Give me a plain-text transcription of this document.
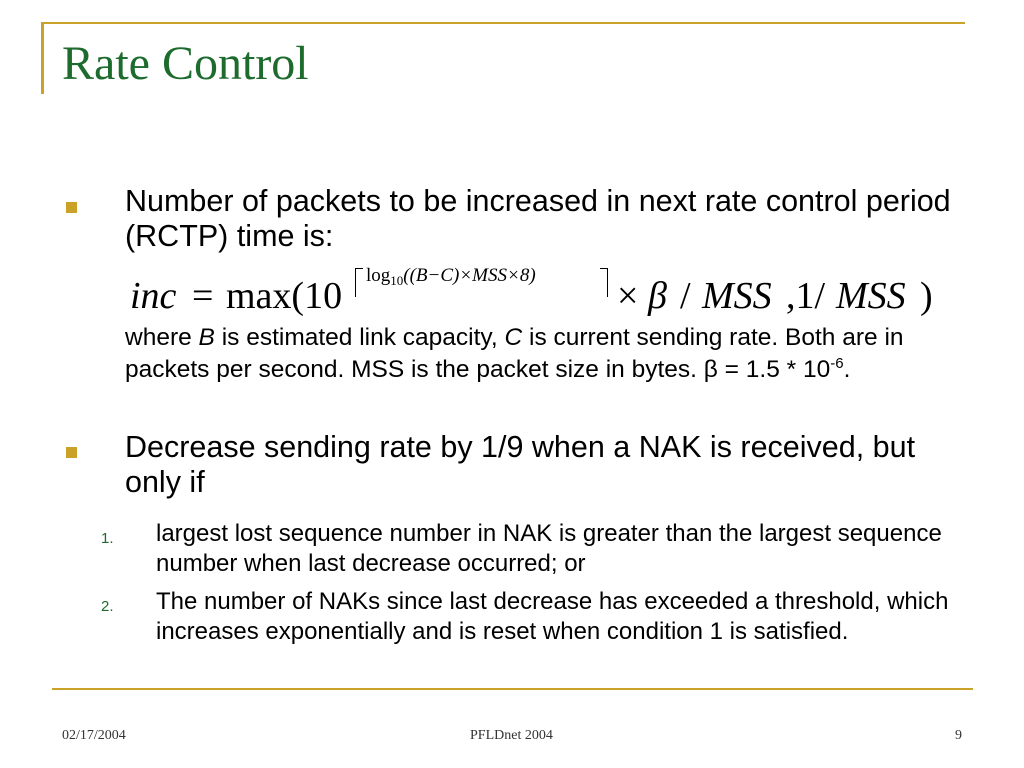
Rate Control
Number of packets to be increased in next rate control period (RCTP) time is:
inc = max(10 $\log_{10}((B-C)\times MSS\times 8) \times \beta$ / MSS ,1/ MSS )
where B is estimated link capacity, C is current sending rate. Both are in packets per second. MSS is the packet size in bytes. $\beta = 1.5 * 10^{-6}$.
Decrease sending rate by 1/9 when a NAK is received, but only if
1. largest lost sequence number in NAK is greater than the largest sequence number when last decrease occurred; or
2. The number of NAKs since last decrease has exceeded a threshold, which increases exponentially and is reset when condition 1 is satisfied.
02/17/2004	PFLDnet 2004	9
